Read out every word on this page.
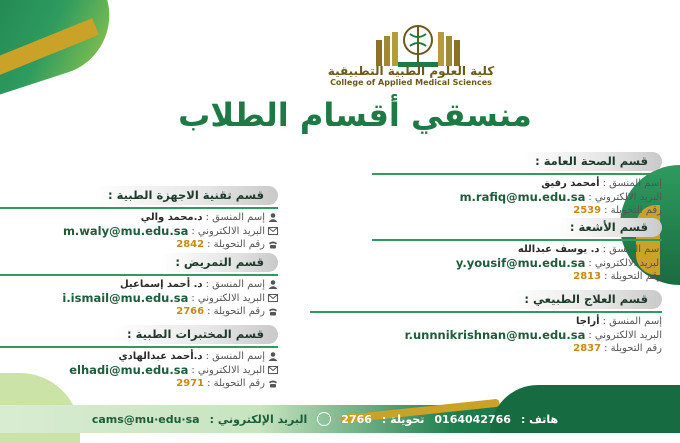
كلية العلوم الطبية التطبيقية
College of Applied Medical Sciences
منسقي أقسام الطلاب
قسم الصحة العامة :
إسم المنسق :
أمحمد رفيق
البريد الالكتروني :
m.rafiq@mu.edu.sa
رقم التحويلة :
2539
قسم الأشعة :
إسم المنسق :
د. يوسف عبدالله
البريد الالكتروني :
y.yousif@mu.edu.sa
رقم التحويلة :
2813
قسم العلاج الطبيعي :
إسم المنسق :
أراجا
البريد الالكتروني :
r.unnnikrishnan@mu.edu.sa
رقم التحويلة :
2837
قسم تقنية الاجهزة الطبية :
إسم المنسق :
د.محمد والي
البريد الالكتروني :
m.waly@mu.edu.sa
رقم التحويلة :
2842
قسم التمريض :
إسم المنسق :
د. أحمد إسماعيل
البريد الالكتروني :
i.ismail@mu.edu.sa
رقم التحويلة :
2766
قسم المختبرات الطبية :
إسم المنسق :
د.أحمد عبدالهادي
البريد الالكتروني :
elhadi@mu.edu.sa
رقم التحويلة :
2971
هاتف :
0164042766
تحويلة :
2766
البريد الإلكتروني :
cams@mu·edu·sa
